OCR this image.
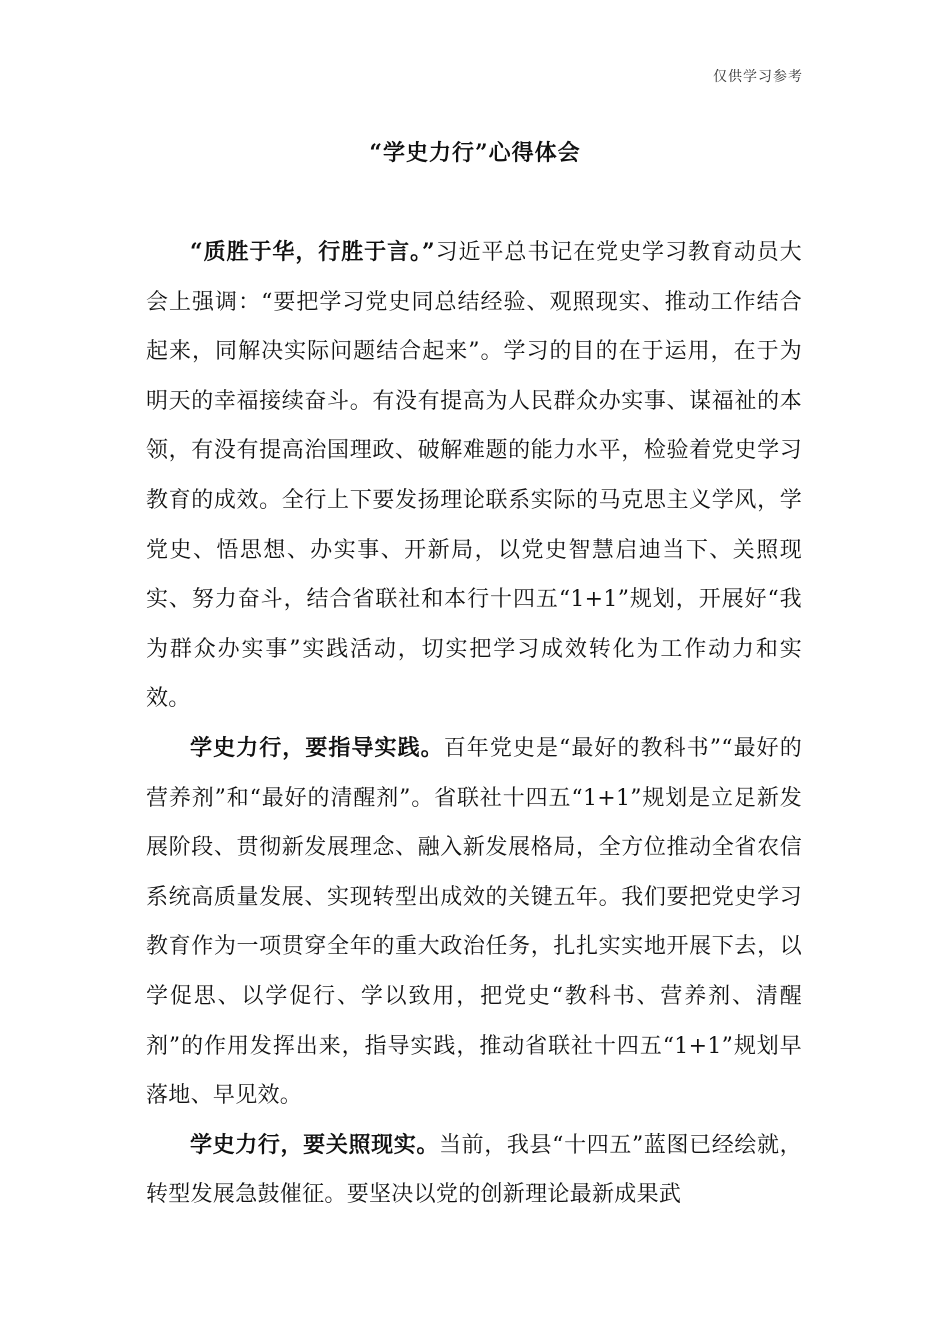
仅供学习参考
“学史力行”心得体会

“质胜于华，行胜于言。”习近平总书记在党史学习教育动员大会上强调：“要把学习党史同总结经验、观照现实、推动工作结合起来，同解决实际问题结合起来”。学习的目的在于运用，在于为明天的幸福接续奋斗。有没有提高为人民群众办实事、谋福祉的本领，有没有提高治国理政、破解难题的能力水平，检验着党史学习教育的成效。全行上下要发扬理论联系实际的马克思主义学风，学党史、悟思想、办实事、开新局，以党史智慧启迪当下、关照现实、努力奋斗，结合省联社和本行十四五“1+1”规划，开展好“我为群众办实事”实践活动，切实把学习成效转化为工作动力和实效。

学史力行，要指导实践。百年党史是“最好的教科书”“最好的营养剂”和“最好的清醒剂”。省联社十四五“1+1”规划是立足新发展阶段、贯彻新发展理念、融入新发展格局，全方位推动全省农信系统高质量发展、实现转型出成效的关键五年。我们要把党史学习教育作为一项贯穿全年的重大政治任务，扎扎实实地开展下去，以学促思、以学促行、学以致用，把党史“教科书、营养剂、清醒剂”的作用发挥出来，指导实践，推动省联社十四五“1+1”规划早落地、早见效。

学史力行，要关照现实。当前，我县“十四五”蓝图已经绘就，转型发展急鼓催征。要坚决以党的创新理论最新成果武
